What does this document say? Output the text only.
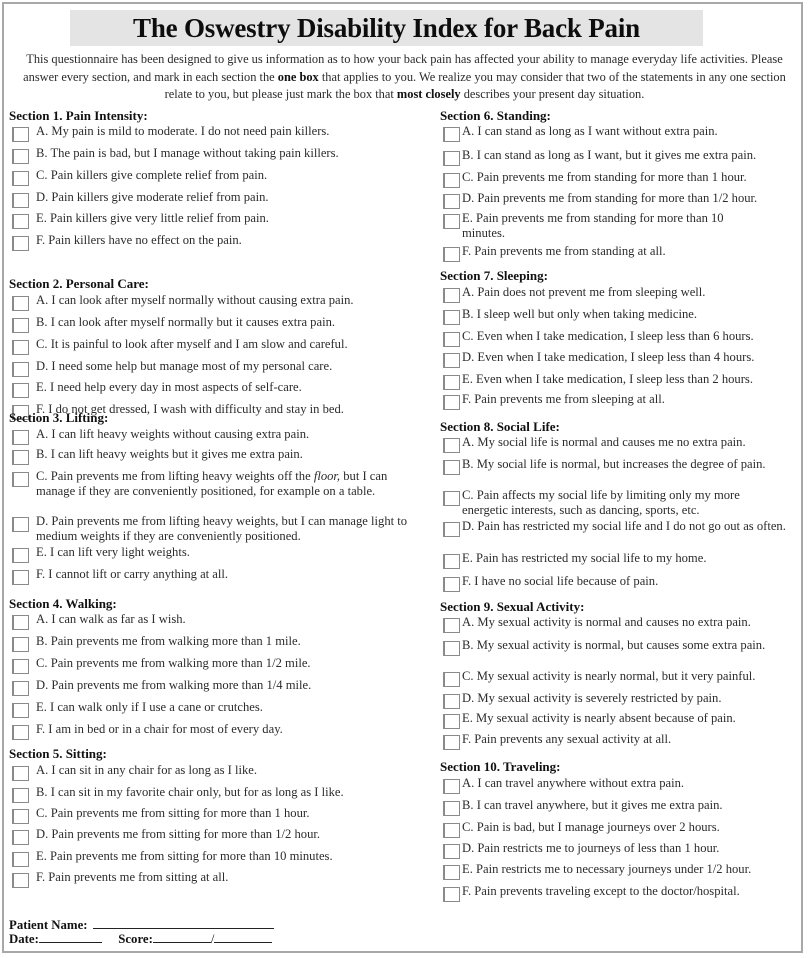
The Oswestry Disability Index for Back Pain
This questionnaire has been designed to give us information as to how your back pain has affected your ability to manage everyday life activities. Please answer every section, and mark in each section the one box that applies to you. We realize you may consider that two of the statements in any one section relate to you, but please just mark the box that most closely describes your present day situation.
Section 1. Pain Intensity:
A. My pain is mild to moderate. I do not need pain killers.
B. The pain is bad, but I manage without taking pain killers.
C. Pain killers give complete relief from pain.
D. Pain killers give moderate relief from pain.
E. Pain killers give very little relief from pain.
F. Pain killers have no effect on the pain.
Section 2. Personal Care:
A. I can look after myself normally without causing extra pain.
B. I can look after myself normally but it causes extra pain.
C. It is painful to look after myself and I am slow and careful.
D. I need some help but manage most of my personal care.
E. I need help every day in most aspects of self-care.
F. I do not get dressed, I wash with difficulty and stay in bed.
Section 3. Lifting:
A. I can lift heavy weights without causing extra pain.
B. I can lift heavy weights but it gives me extra pain.
C. Pain prevents me from lifting heavy weights off the floor, but I can manage if they are conveniently positioned, for example on a table.
D. Pain prevents me from lifting heavy weights, but I can manage light to medium weights if they are conveniently positioned.
E. I can lift very light weights.
F. I cannot lift or carry anything at all.
Section 4. Walking:
A. I can walk as far as I wish.
B. Pain prevents me from walking more than 1 mile.
C. Pain prevents me from walking more than 1/2 mile.
D. Pain prevents me from walking more than 1/4 mile.
E. I can walk only if I use a cane or crutches.
F. I am in bed or in a chair for most of every day.
Section 5. Sitting:
A. I can sit in any chair for as long as I like.
B. I can sit in my favorite chair only, but for as long as I like.
C. Pain prevents me from sitting for more than 1 hour.
D. Pain prevents me from sitting for more than 1/2 hour.
E. Pain prevents me from sitting for more than 10 minutes.
F. Pain prevents me from sitting at all.
Section 6. Standing:
A. I can stand as long as I want without extra pain.
B. I can stand as long as I want, but it gives me extra pain.
C. Pain prevents me from standing for more than 1 hour.
D. Pain prevents me from standing for more than 1/2 hour.
E. Pain prevents me from standing for more than 10 minutes.
F. Pain prevents me from standing at all.
Section 7. Sleeping:
A. Pain does not prevent me from sleeping well.
B. I sleep well but only when taking medicine.
C. Even when I take medication, I sleep less than 6 hours.
D. Even when I take medication, I sleep less than 4 hours.
E. Even when I take medication, I sleep less than 2 hours.
F. Pain prevents me from sleeping at all.
Section 8. Social Life:
A. My social life is normal and causes me no extra pain.
B. My social life is normal, but increases the degree of pain.
C. Pain affects my social life by limiting only my more energetic interests, such as dancing, sports, etc.
D. Pain has restricted my social life and I do not go out as often.
E. Pain has restricted my social life to my home.
F. I have no social life because of pain.
Section 9. Sexual Activity:
A. My sexual activity is normal and causes no extra pain.
B. My sexual activity is normal, but causes some extra pain.
C. My sexual activity is nearly normal, but it very painful.
D. My sexual activity is severely restricted by pain.
E. My sexual activity is nearly absent because of pain.
F. Pain prevents any sexual activity at all.
Section 10. Traveling:
A. I can travel anywhere without extra pain.
B. I can travel anywhere, but it gives me extra pain.
C. Pain is bad, but I manage journeys over 2 hours.
D. Pain restricts me to journeys of less than 1 hour.
E. Pain restricts me to necessary journeys under 1/2 hour.
F. Pain prevents traveling except to the doctor/hospital.
Patient Name:
Date:	Score:	/
